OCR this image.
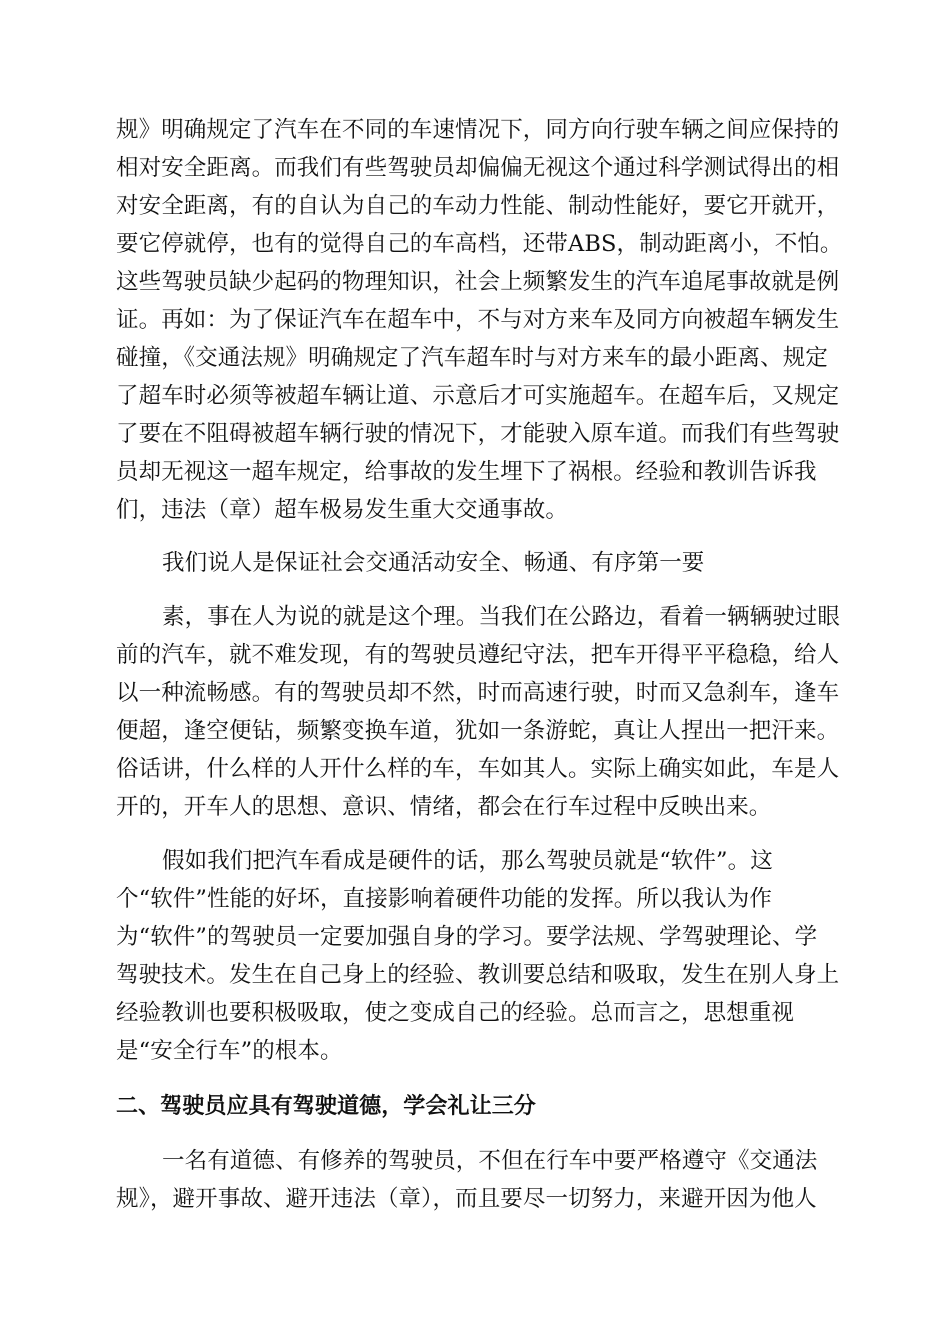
规》明确规定了汽车在不同的车速情况下，同方向行驶车辆之间应保持的
相对安全距离。而我们有些驾驶员却偏偏无视这个通过科学测试得出的相
对安全距离，有的自认为自己的车动力性能、制动性能好，要它开就开，
要它停就停，也有的觉得自己的车高档，还带ABS，制动距离小，不怕。
这些驾驶员缺少起码的物理知识，社会上频繁发生的汽车追尾事故就是例
证。再如：为了保证汽车在超车中，不与对方来车及同方向被超车辆发生
碰撞，《交通法规》明确规定了汽车超车时与对方来车的最小距离、规定
了超车时必须等被超车辆让道、示意后才可实施超车。在超车后，又规定
了要在不阻碍被超车辆行驶的情况下，才能驶入原车道。而我们有些驾驶
员却无视这一超车规定，给事故的发生埋下了祸根。经验和教训告诉我
们，违法（章）超车极易发生重大交通事故。
我们说人是保证社会交通活动安全、畅通、有序第一要
素，事在人为说的就是这个理。当我们在公路边，看着一辆辆驶过眼
前的汽车，就不难发现，有的驾驶员遵纪守法，把车开得平平稳稳，给人
以一种流畅感。有的驾驶员却不然，时而高速行驶，时而又急刹车，逢车
便超，逢空便钻，频繁变换车道，犹如一条游蛇，真让人捏出一把汗来。
俗话讲，什么样的人开什么样的车，车如其人。实际上确实如此，车是人
开的，开车人的思想、意识、情绪，都会在行车过程中反映出来。
假如我们把汽车看成是硬件的话，那么驾驶员就是“软件”。这
个“软件”性能的好坏，直接影响着硬件功能的发挥。所以我认为作
为“软件”的驾驶员一定要加强自身的学习。要学法规、学驾驶理论、学
驾驶技术。发生在自己身上的经验、教训要总结和吸取，发生在别人身上
经验教训也要积极吸取，使之变成自己的经验。总而言之，思想重视
是“安全行车”的根本。
二、驾驶员应具有驾驶道德，学会礼让三分
一名有道德、有修养的驾驶员，不但在行车中要严格遵守《交通法
规》，避开事故、避开违法（章），而且要尽一切努力，来避开因为他人
